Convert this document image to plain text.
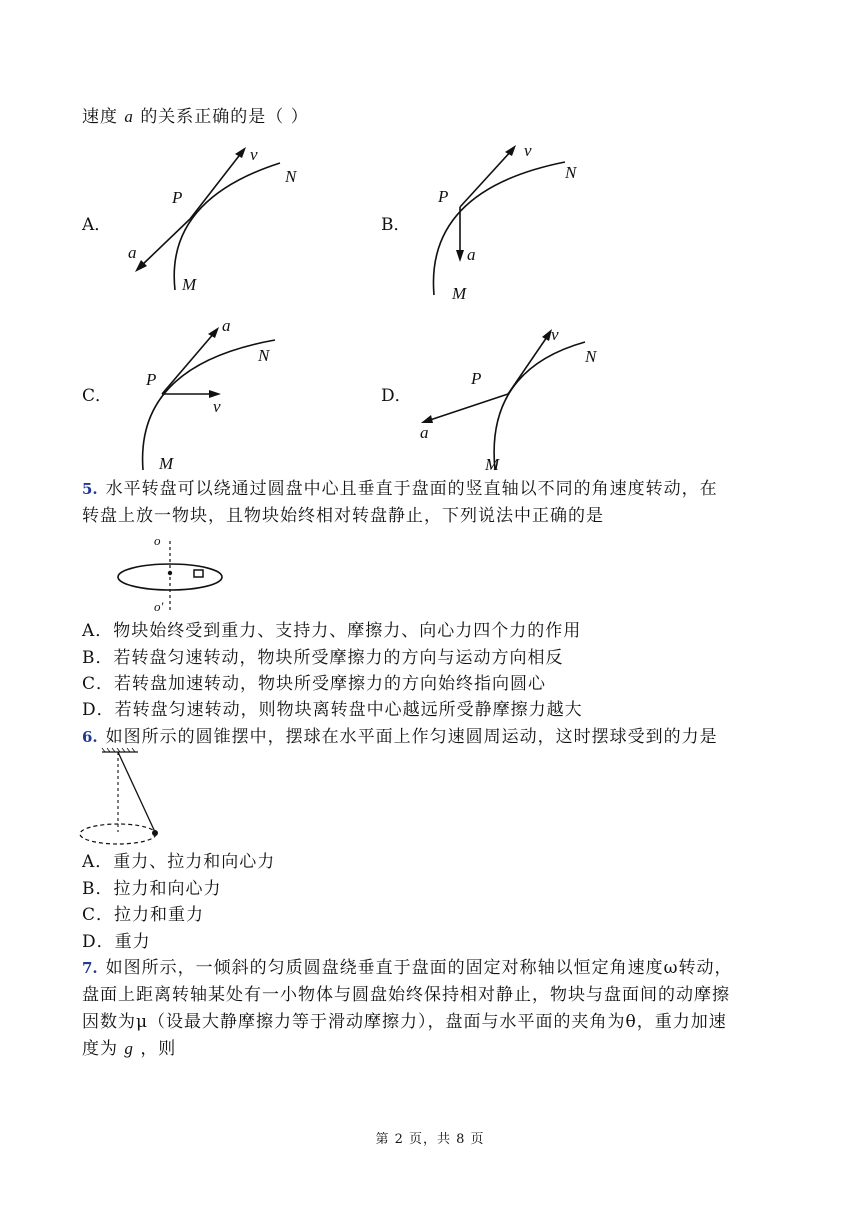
速度 a 的关系正确的是（ ）
A．
v
N
P
a
M
B．
v
N
P
a
M
C．
a
N
P
v
M
D．
v
N
P
a
M
5. 水平转盘可以绕通过圆盘中心且垂直于盘面的竖直轴以不同的角速度转动，在
转盘上放一物块，且物块始终相对转盘静止，下列说法中正确的是
o
o'
A．物块始终受到重力、支持力、摩擦力、向心力四个力的作用
B．若转盘匀速转动，物块所受摩擦力的方向与运动方向相反
C．若转盘加速转动，物块所受摩擦力的方向始终指向圆心
D．若转盘匀速转动，则物块离转盘中心越远所受静摩擦力越大
6. 如图所示的圆锥摆中，摆球在水平面上作匀速圆周运动，这时摆球受到的力是
A．重力、拉力和向心力
B．拉力和向心力
C．拉力和重力
D．重力
7. 如图所示，一倾斜的匀质圆盘绕垂直于盘面的固定对称轴以恒定角速度ω转动，
盘面上距离转轴某处有一小物体与圆盘始终保持相对静止，物块与盘面间的动摩擦
因数为μ（设最大静摩擦力等于滑动摩擦力），盘面与水平面的夹角为θ，重力加速
度为 g ，则
第 2 页，共 8 页
